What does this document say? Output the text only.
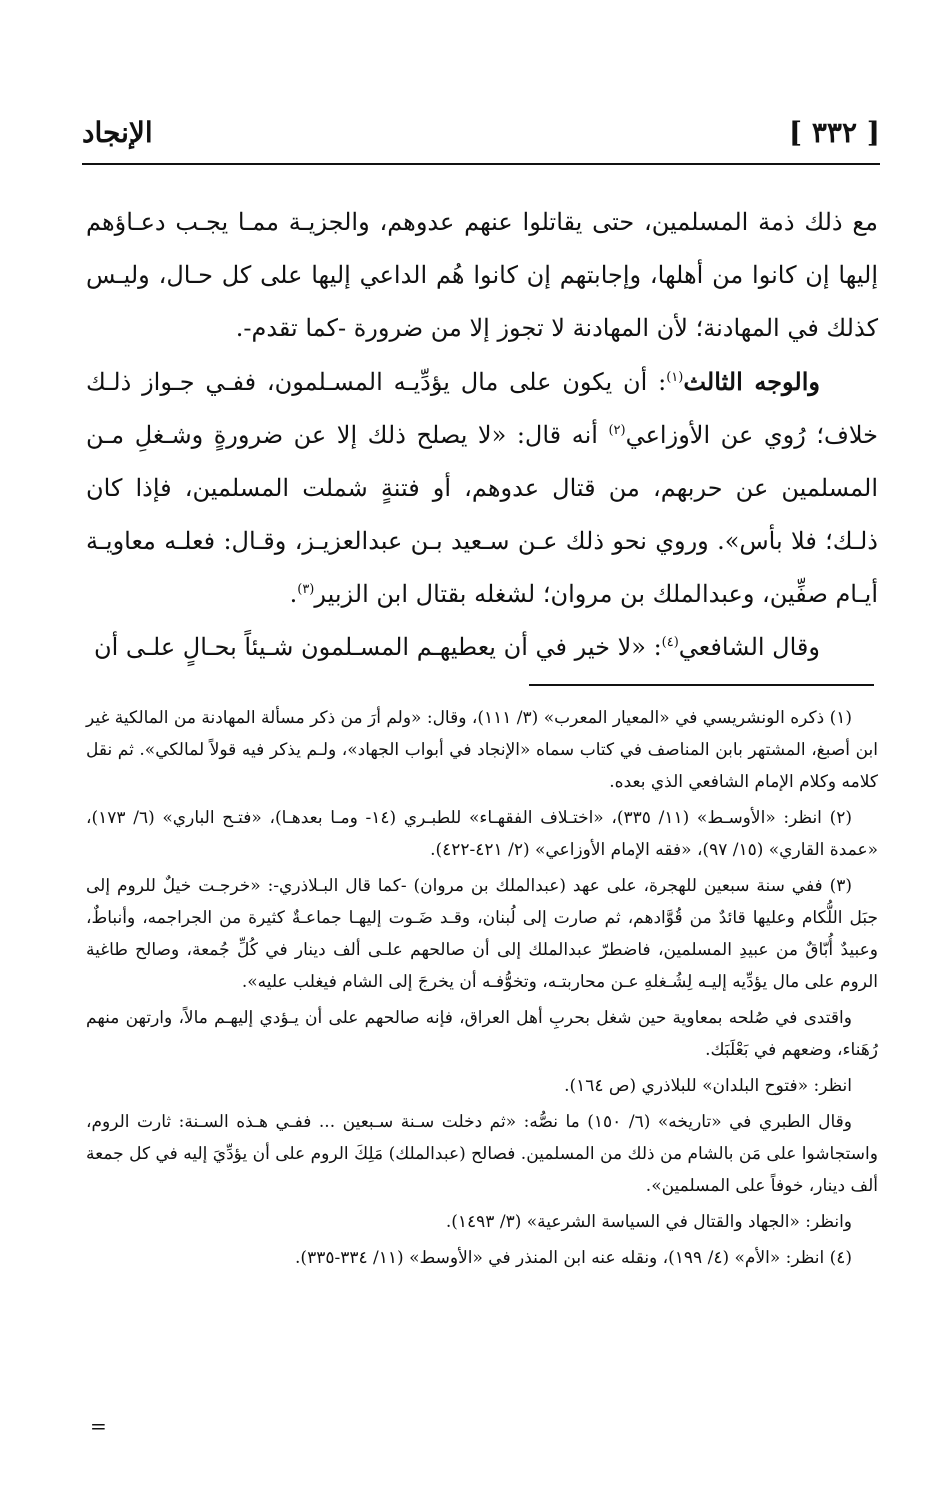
[ ٣٣٢ ]
الإنجاد

مع ذلك ذمة المسلمين، حتى يقاتلوا عنهم عدوهم، والجزيـة ممـا يجـب دعـاؤهم إليها إن كانوا من أهلها، وإجابتهم إن كانوا هُم الداعي إليها على كل حـال، وليـس كذلك في المهادنة؛ لأن المهادنة لا تجوز إلا من ضرورة -كما تقدم-.

والوجه الثالث$^{(١)}$: أن يكون على مال يؤدِّيـه المسـلمون، ففـي جـواز ذلـك خلاف؛ رُوي عن الأوزاعي$^{(٢)}$ أنه قال: «لا يصلح ذلك إلا عن ضرورةٍ وشـغلِ مـن المسلمين عن حربهم، من قتال عدوهم، أو فتنةٍ شملت المسلمين، فإذا كان ذلـك؛ فلا بأس». وروي نحو ذلك عـن سـعيد بـن عبدالعزيـز، وقـال: فعلـه معاويـة أيـام صفِّين، وعبدالملك بن مروان؛ لشغله بقتال ابن الزبير$^{(٣)}$.

وقال الشافعي$^{(٤)}$: «لا خير في أن يعطيهـم المسـلمون شـيئاً بحـالٍ علـى أن

(١) ذكره الونشريسي في «المعيار المعرب» (٣/ ١١١)، وقال: «ولم أرَ من ذكر مسألة المهادنة من المالكية غير ابن أصبغ، المشتهر بابن المناصف في كتاب سماه «الإنجاد في أبواب الجهاد»، ولـم يذكر فيه قولاً لمالكي». ثم نقل كلامه وكلام الإمام الشافعي الذي بعده.

(٢) انظر: «الأوسـط» (١١/ ٣٣٥)، «اختـلاف الفقهـاء» للطبـري (١٤- ومـا بعدهـا)، «فتـح الباري» (٦/ ١٧٣)، «عمدة القاري» (١٥/ ٩٧)، «فقه الإمام الأوزاعي» (٢/ ٤٢١-٤٢٢).

(٣) ففي سنة سبعين للهجرة، على عهد (عبدالملك بن مروان) -كما قال البـلاذري-: «خرجـت خيلٌ للروم إلى جبَل اللُّكام وعليها قائدٌ من قُوَّادهم، ثم صارت إلى لُبنان، وقـد ضَـوت إليهـا جماعـةٌ كثيرة من الجراجمه، وأنباطٌ، وعبيدٌ أُبّاقٌ من عبيدِ المسلمين، فاضطرّ عبدالملك إلى أن صالحهم علـى ألف دينار في كُلِّ جُمعة، وصالح طاغية الروم على مال يؤدِّيه إليـه لِشُـغلهِ عـن محاربتـه، وتخوُّفـه أن يخرجَ إلى الشام فيغلب عليه».

واقتدى في صُلحه بمعاوية حين شغل بحربِ أهل العراق، فإنه صالحهم على أن يـؤدي إليهـم مالاً، وارتهن منهم رُهَناء، وضعهم في بَعْلَبَك.

انظر: «فتوح البلدان» للبلاذري (ص ١٦٤).

وقال الطبري في «تاريخه» (٦/ ١٥٠) ما نصُّه: «ثم دخلت سـنة سـبعين ... ففـي هـذه السـنة: ثارت الروم، واستجاشوا على مَن بالشام من ذلك من المسلمين. فصالح (عبدالملك) مَلِكَ الروم على أن يؤدِّيَ إليه في كل جمعة ألف دينار، خوفاً على المسلمين».

وانظر: «الجهاد والقتال في السياسة الشرعية» (٣/ ١٤٩٣).

(٤) انظر: «الأم» (٤/ ١٩٩)، ونقله عنه ابن المنذر في «الأوسط» (١١/ ٣٣٤-٣٣٥).

=
